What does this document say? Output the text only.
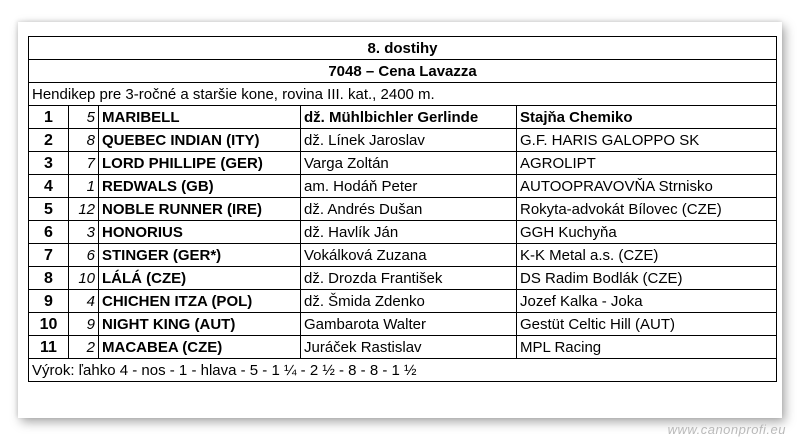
8. dostihy				
7048 – Cena Lavazza				
Hendikep pre 3-ročné a staršie kone, rovina III. kat., 2400 m.				
1	5	MARIBELL	dž. Mühlbichler Gerlinde	Stajňa Chemiko
2	8	QUEBEC INDIAN (ITY)	dž. Línek Jaroslav	G.F. HARIS GALOPPO SK
3	7	LORD PHILLIPE (GER)	Varga Zoltán	AGROLIPT
4	1	REDWALS (GB)	am. Hodáň Peter	AUTOOPRAVOVŇA Strnisko
5	12	NOBLE RUNNER (IRE)	dž. Andrés Dušan	Rokyta-advokát Bílovec (CZE)
6	3	HONORIUS	dž. Havlík Ján	GGH Kuchyňa
7	6	STINGER (GER*)	Vokálková Zuzana	K-K Metal a.s. (CZE)
8	10	LÁLÁ (CZE)	dž. Drozda František	DS Radim Bodlák (CZE)
9	4	CHICHEN ITZA (POL)	dž. Šmida Zdenko	Jozef Kalka - Joka
10	9	NIGHT KING (AUT)	Gambarota Walter	Gestüt Celtic Hill (AUT)
11	2	MACABEA (CZE)	Juráček Rastislav	MPL Racing
Výrok: ľahko 4 - nos - 1 - hlava - 5 - 1 ¼ - 2 ½ - 8 - 8 - 1 ½				
www.canonprofi.eu
